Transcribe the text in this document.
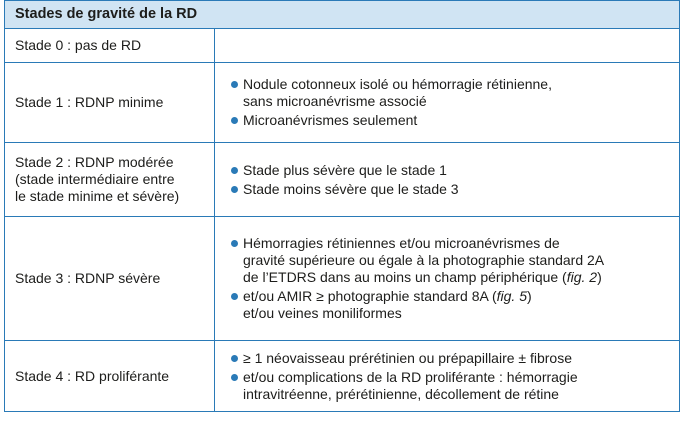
Stades de gravité de la RD
Stade 0 : pas de RD
Stade 1 : RDNP minime
Nodule cotonneux isolé ou hémorragie rétinienne,
sans microanévrisme associé
Microanévrismes seulement
Stade 2 : RDNP modérée
(stade intermédiaire entre
le stade minime et sévère)
Stade plus sévère que le stade 1
Stade moins sévère que le stade 3
Stade 3 : RDNP sévère
Hémorragies rétiniennes et/ou microanévrismes de
gravité supérieure ou égale à la photographie standard 2A
de l’ETDRS dans au moins un champ périphérique (fig. 2)
et/ou AMIR ≥ photographie standard 8A (fig. 5)
et/ou veines moniliformes
Stade 4 : RD proliférante
≥ 1 néovaisseau prérétinien ou prépapillaire ± fibrose
et/ou complications de la RD proliférante : hémorragie
intravitréenne, prérétinienne, décollement de rétine
